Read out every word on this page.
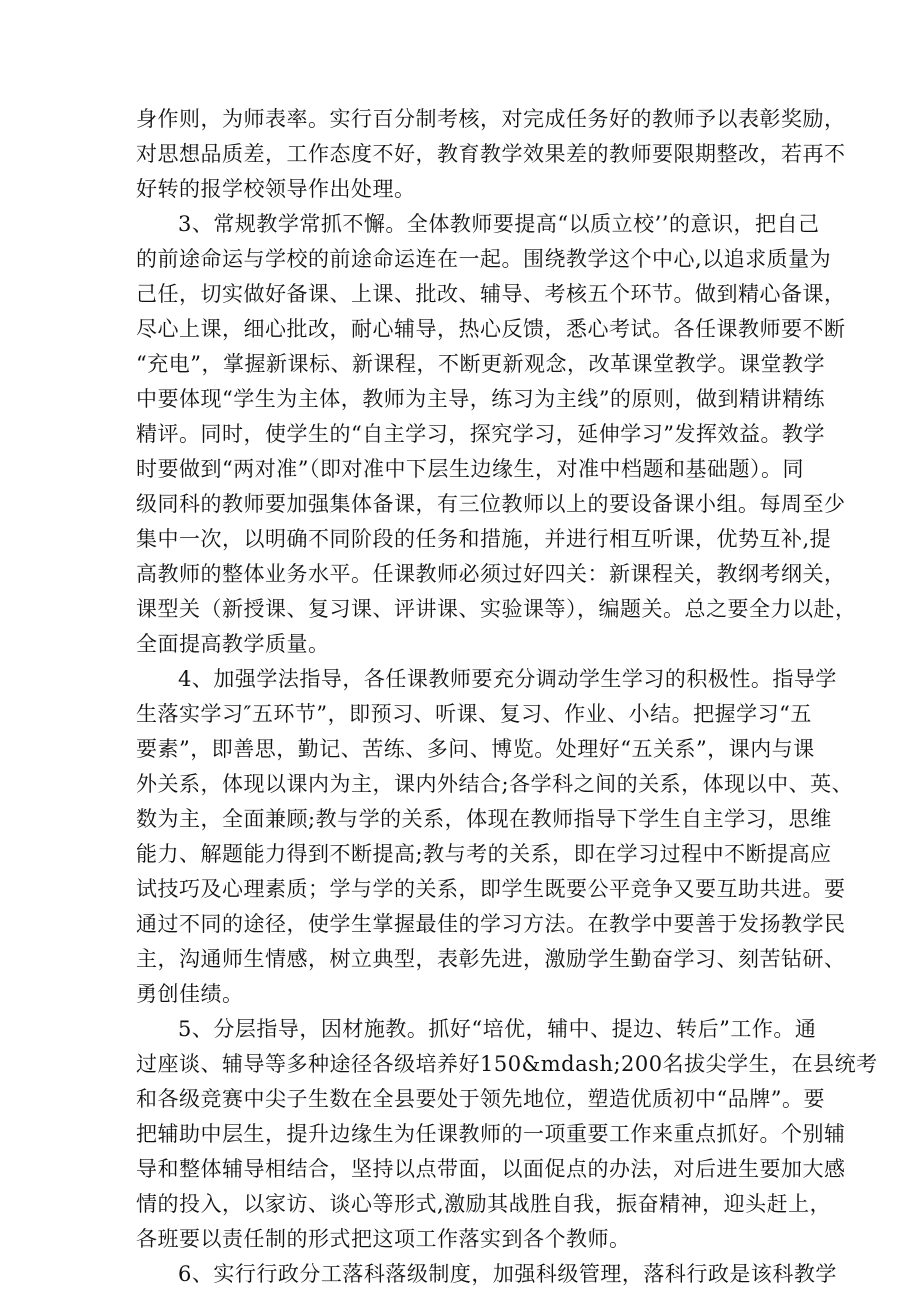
身作则，为师表率。实行百分制考核，对完成任务好的教师予以表彰奖励，
对思想品质差，工作态度不好，教育教学效果差的教师要限期整改，若再不
好转的报学校领导作出处理。
3、常规教学常抓不懈。全体教师要提高“以质立校’’的意识，把自己
的前途命运与学校的前途命运连在一起。围绕教学这个中心,以追求质量为
己任，切实做好备课、上课、批改、辅导、考核五个环节。做到精心备课，
尽心上课，细心批改，耐心辅导，热心反馈，悉心考试。各任课教师要不断
“充电”，掌握新课标、新课程，不断更新观念，改革课堂教学。课堂教学
中要体现“学生为主体，教师为主导，练习为主线”的原则，做到精讲精练
精评。同时，使学生的“自主学习，探究学习，延伸学习”发挥效益。教学
时要做到“两对准”（即对准中下层生边缘生，对准中档题和基础题）。同
级同科的教师要加强集体备课，有三位教师以上的要设备课小组。每周至少
集中一次，以明确不同阶段的任务和措施，并进行相互听课，优势互补,提
高教师的整体业务水平。任课教师必须过好四关：新课程关，教纲考纲关，
课型关（新授课、复习课、评讲课、实验课等），编题关。总之要全力以赴，
全面提高教学质量。
4、加强学法指导，各任课教师要充分调动学生学习的积极性。指导学
生落实学习″五环节”，即预习、听课、复习、作业、小结。把握学习“五
要素”，即善思，勤记、苦练、多问、博览。处理好“五关系”，课内与课
外关系，体现以课内为主，课内外结合;各学科之间的关系，体现以中、英、
数为主，全面兼顾;教与学的关系，体现在教师指导下学生自主学习，思维
能力、解题能力得到不断提高;教与考的关系，即在学习过程中不断提高应
试技巧及心理素质；学与学的关系，即学生既要公平竞争又要互助共进。要
通过不同的途径，使学生掌握最佳的学习方法。在教学中要善于发扬教学民
主，沟通师生情感，树立典型，表彰先进，激励学生勤奋学习、刻苦钻研、
勇创佳绩。
5、分层指导，因材施教。抓好“培优，辅中、提边、转后”工作。通
过座谈、辅导等多种途径各级培养好150&mdash;200名拔尖学生，在县统考
和各级竞赛中尖子生数在全县要处于领先地位，塑造优质初中“品牌”。要
把辅助中层生，提升边缘生为任课教师的一项重要工作来重点抓好。个别辅
导和整体辅导相结合，坚持以点带面，以面促点的办法，对后进生要加大感
情的投入，以家访、谈心等形式,激励其战胜自我，振奋精神，迎头赶上，
各班要以责任制的形式把这项工作落实到各个教师。
6、实行行政分工落科落级制度，加强科级管理，落科行政是该科教学
